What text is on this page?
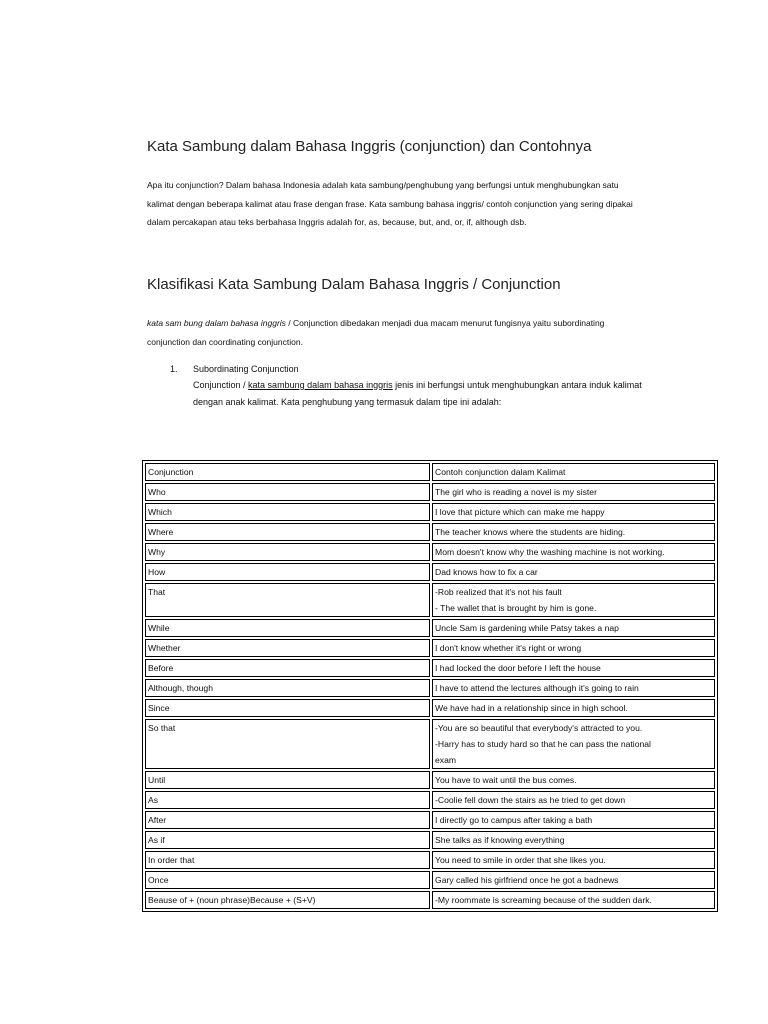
Kata Sambung dalam Bahasa Inggris (conjunction) dan Contohnya

Apa itu conjunction? Dalam bahasa Indonesia adalah kata sambung/penghubung yang berfungsi untuk menghubungkan satu kalimat dengan beberapa kalimat atau frase dengan frase. Kata sambung bahasa inggris/ contoh conjunction yang sering dipakai dalam percakapan atau teks berbahasa Inggris adalah for, as, because, but, and, or, if, although dsb.

Klasifikasi Kata Sambung Dalam Bahasa Inggris / Conjunction

kata sam bung dalam bahasa inggris / Conjunction dibedakan menjadi dua macam menurut fungisnya yaitu subordinating conjunction dan coordinating conjunction.

1. Subordinating Conjunction

Conjunction / kata sambung dalam bahasa inggris jenis ini berfungsi untuk menghubungkan antara induk kalimat dengan anak kalimat. Kata penghubung yang termasuk dalam tipe ini adalah:

Conjunction	Contoh conjunction dalam Kalimat
Who	The girl who is reading a novel is my sister

Which	I love that picture which can make me happy

Where	The teacher knows where the students are hiding.

Why	Mom doesn't know why the washing machine is not working.

How	Dad knows how to fix a car

That	-Rob realized that it's not his fault
- The wallet that is brought by him is gone.

While	Uncle Sam is gardening while Patsy takes a nap

Whether	I don't know whether it's right or wrong

Before	I had locked the door before I left the house

Although, though	I have to attend the lectures although it's going to rain

Since	We have had in a relationship since in high school.

So that	-You are so beautiful that everybody's attracted to you.
-Harry has to study hard so that he can pass the national
exam

Until	You have to wait until the bus comes.

As	-Coolie fell down the stairs as he tried to get down

After	I directly go to campus after taking a bath

As if	She talks as if knowing everything

In order that	You need to smile in order that she likes you.

Once	Gary called his girlfriend once he got a badnews

Beause of + (noun phrase)Because + (S+V)	-My roommate is screaming because of the sudden dark.
